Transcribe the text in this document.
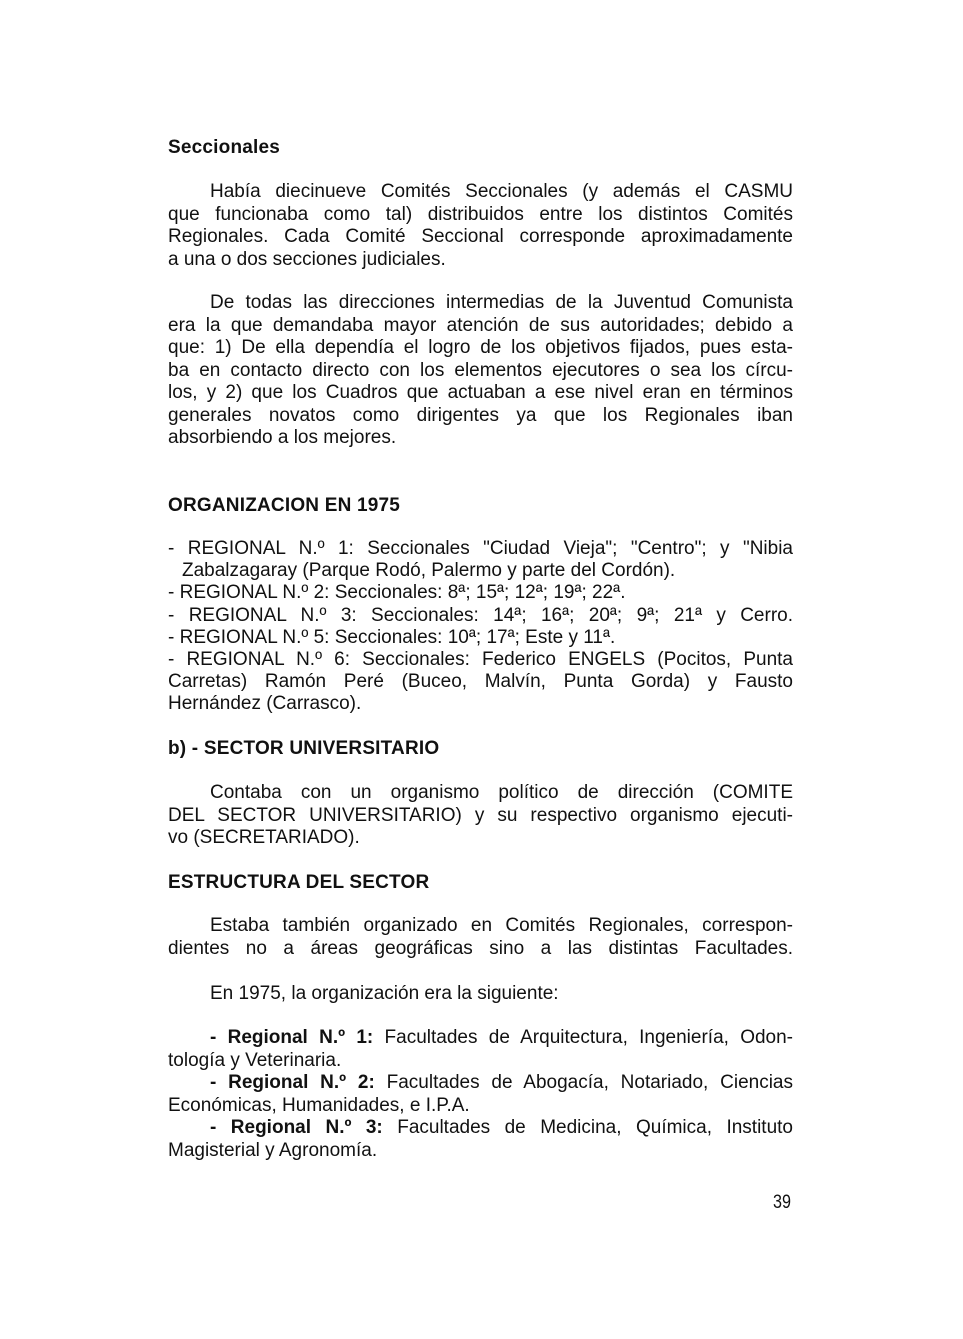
Seccionales
Había diecinueve Comités Seccionales (y además el CASMU
que funcionaba como tal) distribuidos entre los distintos Comités
Regionales. Cada Comité Seccional corresponde aproximadamente
a una o dos secciones judiciales.
De todas las direcciones intermedias de la Juventud Comunista
era la que demandaba mayor atención de sus autoridades; debido a
que: 1) De ella dependía el logro de los objetivos fijados, pues esta-
ba en contacto directo con los elementos ejecutores o sea los círcu-
los, y 2) que los Cuadros que actuaban a ese nivel eran en términos
generales novatos como dirigentes ya que los Regionales iban
absorbiendo a los mejores.
ORGANIZACION EN 1975
- REGIONAL N.º 1: Seccionales "Ciudad Vieja"; "Centro"; y "Nibia
Zabalzagaray (Parque Rodó, Palermo y parte del Cordón).
- REGIONAL N.º 2: Seccionales: 8ª; 15ª; 12ª; 19ª; 22ª.
- REGIONAL N.º 3: Seccionales: 14ª; 16ª; 20ª; 9ª; 21ª y Cerro.
- REGIONAL N.º 5: Seccionales: 10ª; 17ª; Este y 11ª.
- REGIONAL N.º 6: Seccionales: Federico ENGELS (Pocitos, Punta
Carretas) Ramón Peré (Buceo, Malvín, Punta Gorda) y Fausto
Hernández (Carrasco).
b) - SECTOR UNIVERSITARIO
Contaba con un organismo político de dirección (COMITE
DEL SECTOR UNIVERSITARIO) y su respectivo organismo ejecuti-
vo (SECRETARIADO).
ESTRUCTURA DEL SECTOR
Estaba también organizado en Comités Regionales, correspon-
dientes no a áreas geográficas sino a las distintas Facultades.
En 1975, la organización era la siguiente:
- Regional N.º 1: Facultades de Arquitectura, Ingeniería, Odon-
tología y Veterinaria.
- Regional N.º 2: Facultades de Abogacía, Notariado, Ciencias
Económicas, Humanidades, e I.P.A.
- Regional N.º 3: Facultades de Medicina, Química, Instituto
Magisterial y Agronomía.
39
